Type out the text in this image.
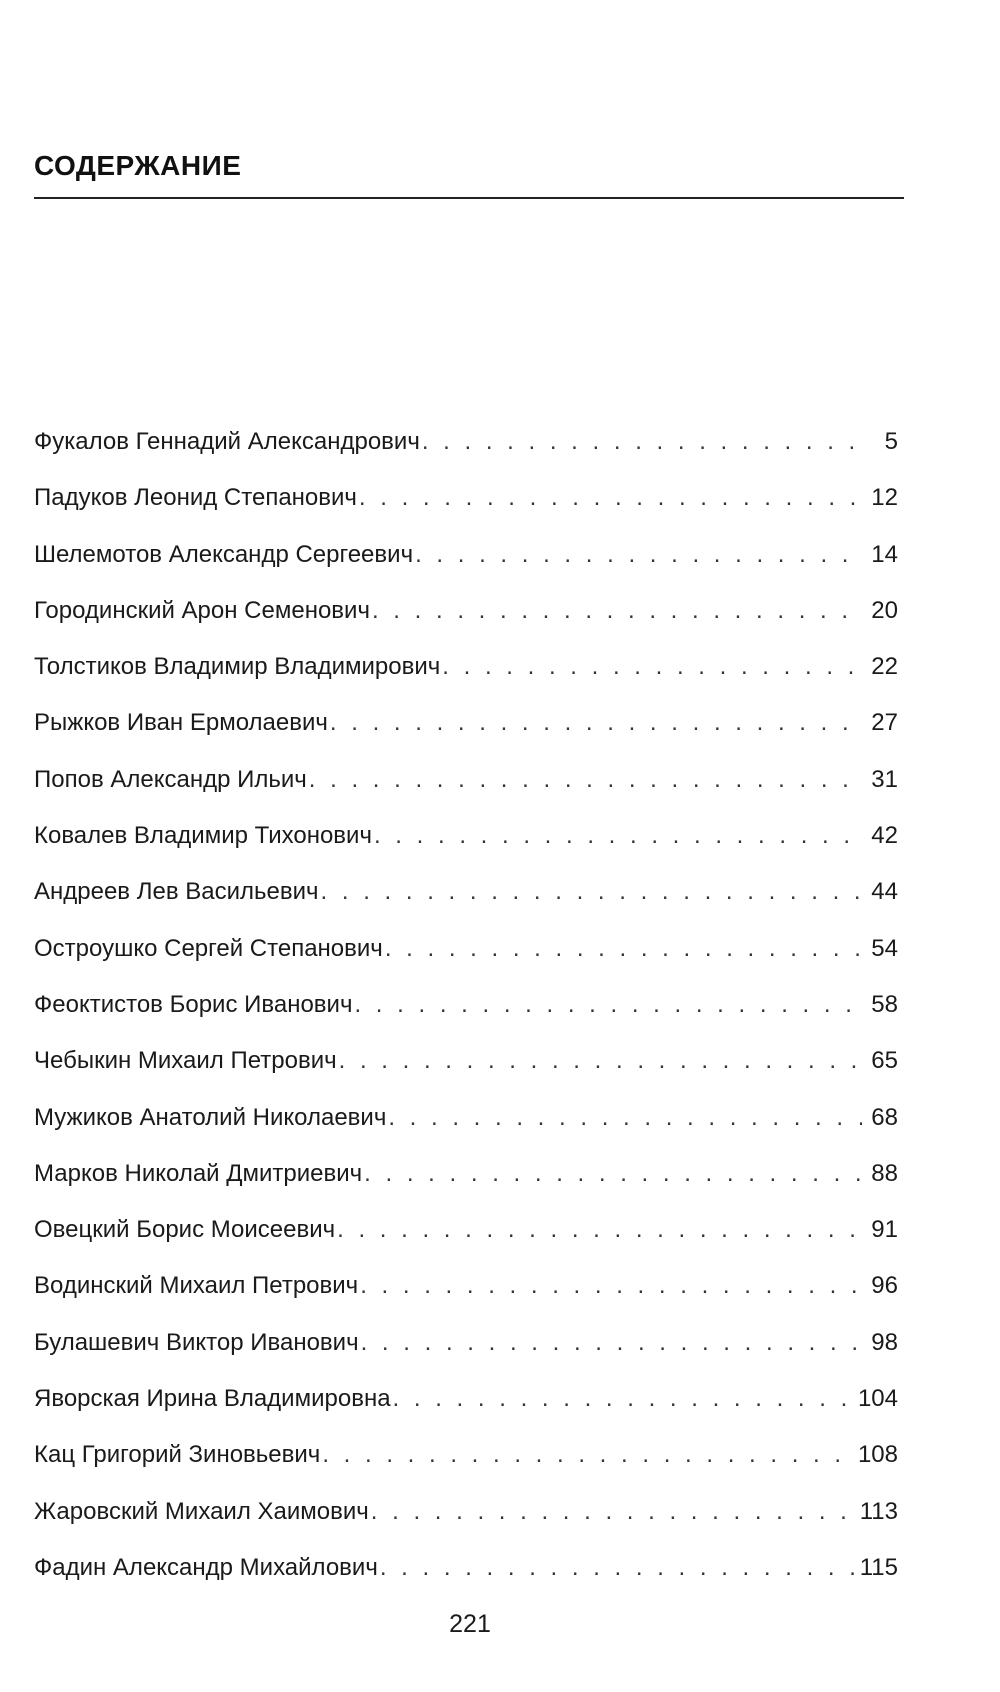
СОДЕРЖАНИЕ
Фукалов Геннадий Александрович . . .	5
Падуков Леонид Степанович . . .	12
Шелемотов Александр Сергеевич . . .	14
Городинский Арон Семенович . . .	20
Толстиков Владимир Владимирович . . .	22
Рыжков Иван Ермолаевич . . .	27
Попов Александр Ильич . . .	31
Ковалев Владимир Тихонович . . .	42
Андреев Лев Васильевич . . .	44
Остроушко Сергей Степанович . . .	54
Феоктистов Борис Иванович . . .	58
Чебыкин Михаил Петрович . . .	65
Мужиков Анатолий Николаевич . . .	68
Марков Николай Дмитриевич . . .	88
Овецкий Борис Моисеевич . . .	91
Водинский Михаил Петрович . . .	96
Булашевич Виктор Иванович . . .	98
Яворская Ирина Владимировна . . .	104
Кац Григорий Зиновьевич . . .	108
Жаровский Михаил Хаимович . . .	113
Фадин Александр Михайлович . . .	115
221
